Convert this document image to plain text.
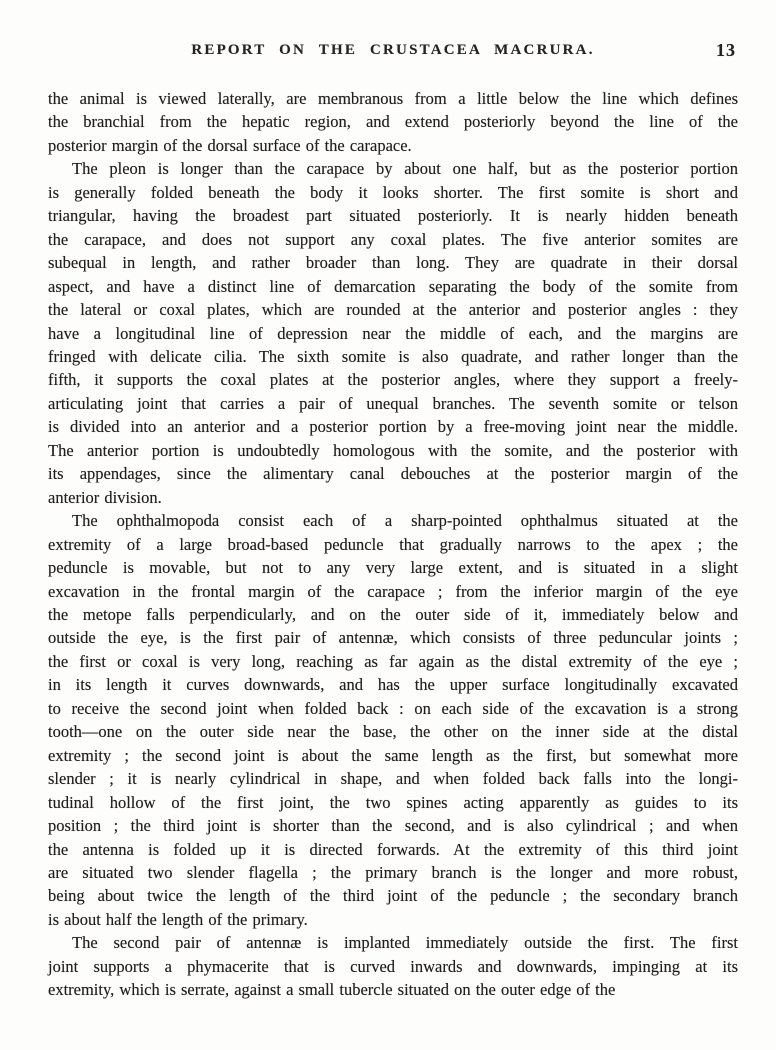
REPORT ON THE CRUSTACEA MACRURA.	13
the animal is viewed laterally, are membranous from a little below the line which defines
the branchial from the hepatic region, and extend posteriorly beyond the line of the
posterior margin of the dorsal surface of the carapace.
The pleon is longer than the carapace by about one half, but as the posterior portion
is generally folded beneath the body it looks shorter. The first somite is short and
triangular, having the broadest part situated posteriorly. It is nearly hidden beneath
the carapace, and does not support any coxal plates. The five anterior somites are
subequal in length, and rather broader than long. They are quadrate in their dorsal
aspect, and have a distinct line of demarcation separating the body of the somite from
the lateral or coxal plates, which are rounded at the anterior and posterior angles : they
have a longitudinal line of depression near the middle of each, and the margins are
fringed with delicate cilia. The sixth somite is also quadrate, and rather longer than the
fifth, it supports the coxal plates at the posterior angles, where they support a freely-
articulating joint that carries a pair of unequal branches. The seventh somite or telson
is divided into an anterior and a posterior portion by a free-moving joint near the middle.
The anterior portion is undoubtedly homologous with the somite, and the posterior with
its appendages, since the alimentary canal debouches at the posterior margin of the
anterior division.
The ophthalmopoda consist each of a sharp-pointed ophthalmus situated at the
extremity of a large broad-based peduncle that gradually narrows to the apex ; the
peduncle is movable, but not to any very large extent, and is situated in a slight
excavation in the frontal margin of the carapace ; from the inferior margin of the eye
the metope falls perpendicularly, and on the outer side of it, immediately below and
outside the eye, is the first pair of antennæ, which consists of three peduncular joints ;
the first or coxal is very long, reaching as far again as the distal extremity of the eye ;
in its length it curves downwards, and has the upper surface longitudinally excavated
to receive the second joint when folded back : on each side of the excavation is a strong
tooth—one on the outer side near the base, the other on the inner side at the distal
extremity ; the second joint is about the same length as the first, but somewhat more
slender ; it is nearly cylindrical in shape, and when folded back falls into the longi-
tudinal hollow of the first joint, the two spines acting apparently as guides to its
position ; the third joint is shorter than the second, and is also cylindrical ; and when
the antenna is folded up it is directed forwards. At the extremity of this third joint
are situated two slender flagella ; the primary branch is the longer and more robust,
being about twice the length of the third joint of the peduncle ; the secondary branch
is about half the length of the primary.
The second pair of antennæ is implanted immediately outside the first. The first
joint supports a phymacerite that is curved inwards and downwards, impinging at its
extremity, which is serrate, against a small tubercle situated on the outer edge of the
